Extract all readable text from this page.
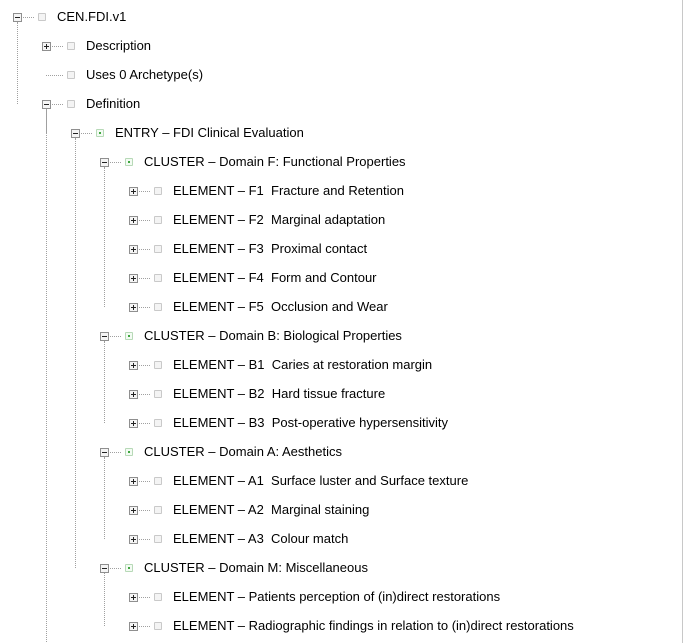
CEN.FDI.v1
Description
Uses 0 Archetype(s)
Definition
ENTRY – FDI Clinical Evaluation
CLUSTER – Domain F: Functional Properties
ELEMENT – F1  Fracture and Retention
ELEMENT – F2  Marginal adaptation
ELEMENT – F3  Proximal contact
ELEMENT – F4  Form and Contour
ELEMENT – F5  Occlusion and Wear
CLUSTER – Domain B: Biological Properties
ELEMENT – B1  Caries at restoration margin
ELEMENT – B2  Hard tissue fracture
ELEMENT – B3  Post-operative hypersensitivity
CLUSTER – Domain A: Aesthetics
ELEMENT – A1  Surface luster and Surface texture
ELEMENT – A2  Marginal staining
ELEMENT – A3  Colour match
CLUSTER – Domain M: Miscellaneous
ELEMENT – Patients perception of (in)direct restorations
ELEMENT – Radiographic findings in relation to (in)direct restorations
